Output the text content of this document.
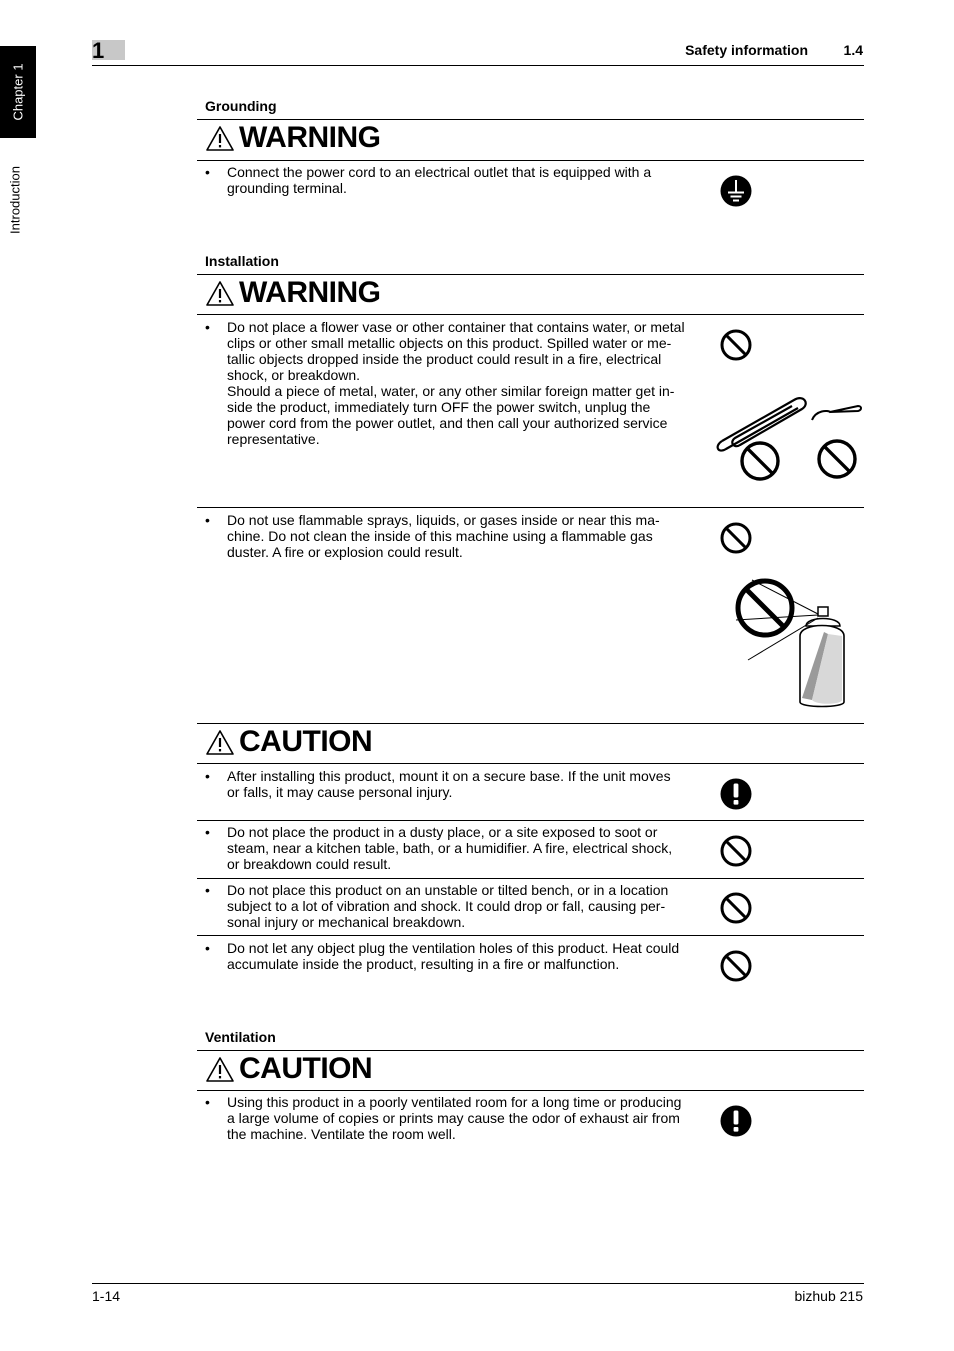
Chapter 1
Introduction
1	Safety information	1.4
Grounding
WARNING
•	Connect the power cord to an electrical outlet that is equipped with a
grounding terminal.
Installation
WARNING
•	Do not place a flower vase or other container that contains water, or metal
clips or other small metallic objects on this product. Spilled water or me-
tallic objects dropped inside the product could result in a fire, electrical
shock, or breakdown.
Should a piece of metal, water, or any other similar foreign matter get in-
side the product, immediately turn OFF the power switch, unplug the
power cord from the power outlet, and then call your authorized service
representative.
•	Do not use flammable sprays, liquids, or gases inside or near this ma-
chine. Do not clean the inside of this machine using a flammable gas
duster. A fire or explosion could result.
CAUTION
•	After installing this product, mount it on a secure base. If the unit moves
or falls, it may cause personal injury.
•	Do not place the product in a dusty place, or a site exposed to soot or
steam, near a kitchen table, bath, or a humidifier. A fire, electrical shock,
or breakdown could result.
•	Do not place this product on an unstable or tilted bench, or in a location
subject to a lot of vibration and shock. It could drop or fall, causing per-
sonal injury or mechanical breakdown.
•	Do not let any object plug the ventilation holes of this product. Heat could
accumulate inside the product, resulting in a fire or malfunction.
Ventilation
CAUTION
•	Using this product in a poorly ventilated room for a long time or producing
a large volume of copies or prints may cause the odor of exhaust air from
the machine. Ventilate the room well.
1-14	bizhub 215
